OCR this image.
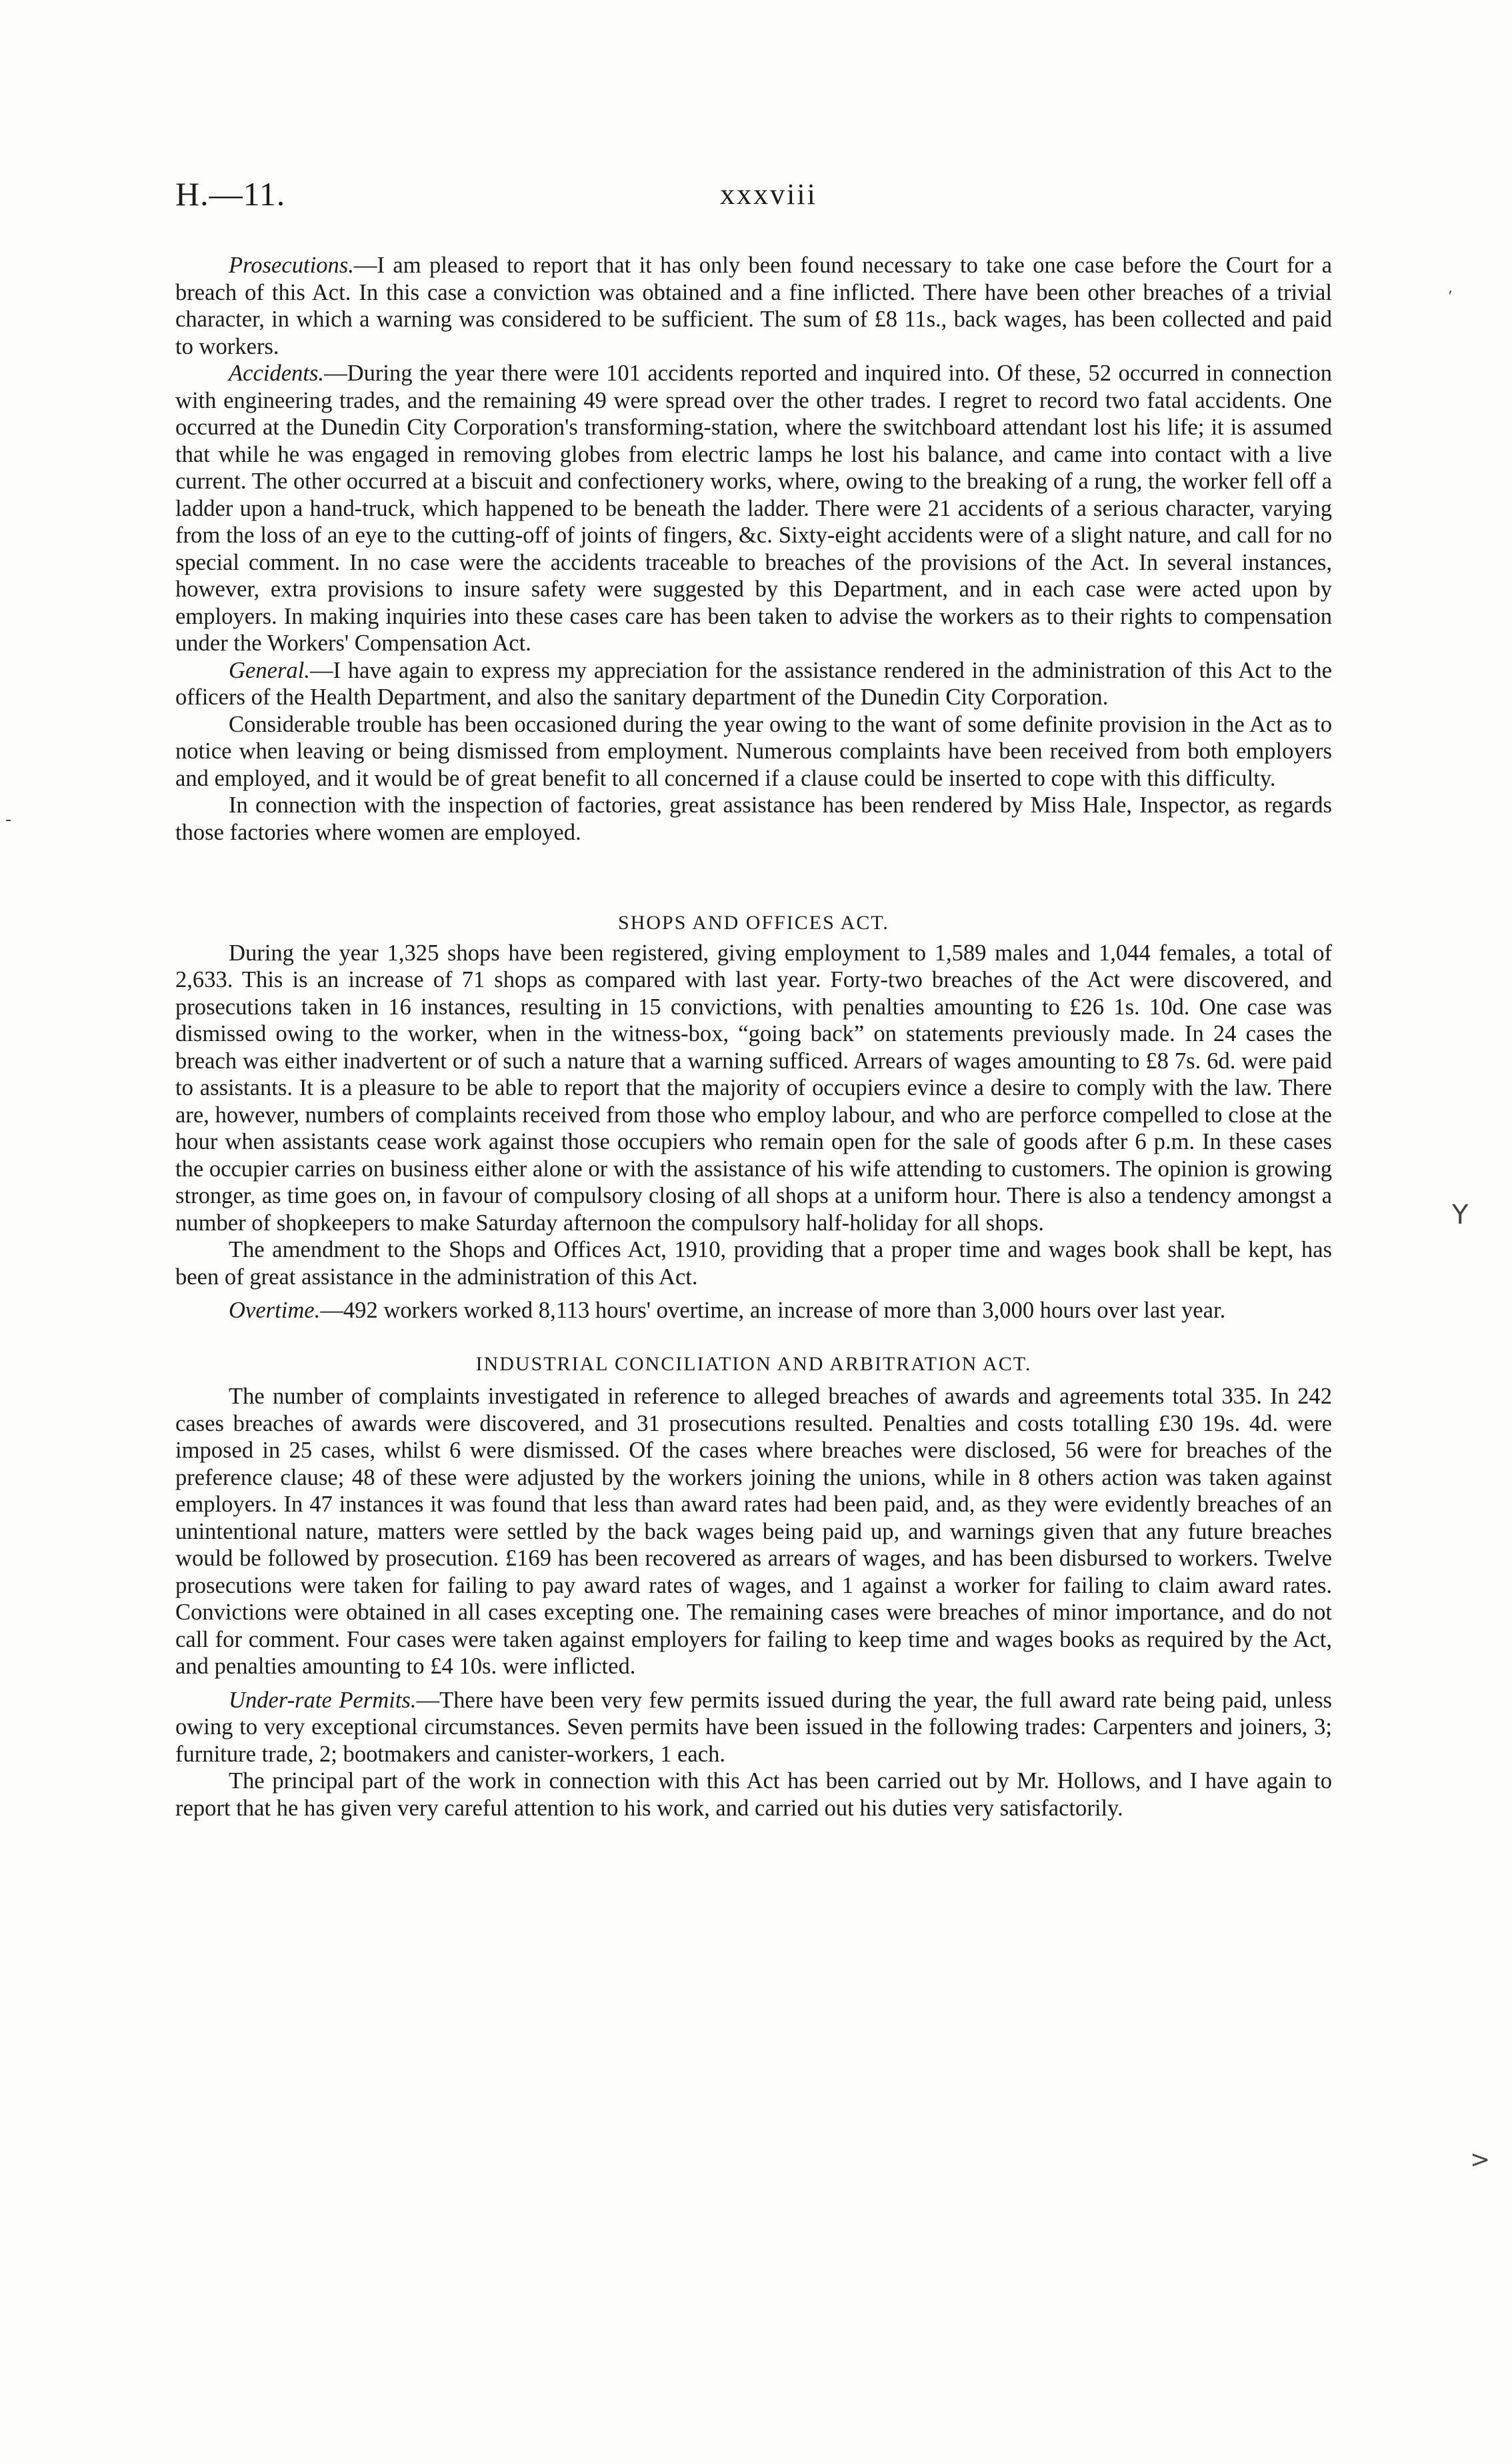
H.—11.	xxxviii

Prosecutions.—I am pleased to report that it has only been found necessary to take one case before the Court for a breach of this Act. In this case a conviction was obtained and a fine inflicted. There have been other breaches of a trivial character, in which a warning was considered to be sufficient. The sum of £8 11s., back wages, has been collected and paid to workers.

Accidents.—During the year there were 101 accidents reported and inquired into. Of these, 52 occurred in connection with engineering trades, and the remaining 49 were spread over the other trades. I regret to record two fatal accidents. One occurred at the Dunedin City Corporation's transforming-station, where the switchboard attendant lost his life; it is assumed that while he was engaged in removing globes from electric lamps he lost his balance, and came into contact with a live current. The other occurred at a biscuit and confectionery works, where, owing to the breaking of a rung, the worker fell off a ladder upon a hand-truck, which happened to be beneath the ladder. There were 21 accidents of a serious character, varying from the loss of an eye to the cutting-off of joints of fingers, &c. Sixty-eight accidents were of a slight nature, and call for no special comment. In no case were the accidents traceable to breaches of the provisions of the Act. In several instances, however, extra provisions to insure safety were suggested by this Department, and in each case were acted upon by employers. In making inquiries into these cases care has been taken to advise the workers as to their rights to compensation under the Workers' Compensation Act.

General.—I have again to express my appreciation for the assistance rendered in the administration of this Act to the officers of the Health Department, and also the sanitary department of the Dunedin City Corporation.

Considerable trouble has been occasioned during the year owing to the want of some definite provision in the Act as to notice when leaving or being dismissed from employment. Numerous complaints have been received from both employers and employed, and it would be of great benefit to all concerned if a clause could be inserted to cope with this difficulty.

In connection with the inspection of factories, great assistance has been rendered by Miss Hale, Inspector, as regards those factories where women are employed.

SHOPS AND OFFICES ACT.

During the year 1,325 shops have been registered, giving employment to 1,589 males and 1,044 females, a total of 2,633. This is an increase of 71 shops as compared with last year. Forty-two breaches of the Act were discovered, and prosecutions taken in 16 instances, resulting in 15 convictions, with penalties amounting to £26 1s. 10d. One case was dismissed owing to the worker, when in the witness-box, “going back” on statements previously made. In 24 cases the breach was either inadvertent or of such a nature that a warning sufficed. Arrears of wages amounting to £8 7s. 6d. were paid to assistants. It is a pleasure to be able to report that the majority of occupiers evince a desire to comply with the law. There are, however, numbers of complaints received from those who employ labour, and who are perforce compelled to close at the hour when assistants cease work against those occupiers who remain open for the sale of goods after 6 p.m. In these cases the occupier carries on business either alone or with the assistance of his wife attending to customers. The opinion is growing stronger, as time goes on, in favour of compulsory closing of all shops at a uniform hour. There is also a tendency amongst a number of shopkeepers to make Saturday afternoon the compulsory half-holiday for all shops.

The amendment to the Shops and Offices Act, 1910, providing that a proper time and wages book shall be kept, has been of great assistance in the administration of this Act.

Overtime.—492 workers worked 8,113 hours' overtime, an increase of more than 3,000 hours over last year.

INDUSTRIAL CONCILIATION AND ARBITRATION ACT.

The number of complaints investigated in reference to alleged breaches of awards and agreements total 335. In 242 cases breaches of awards were discovered, and 31 prosecutions resulted. Penalties and costs totalling £30 19s. 4d. were imposed in 25 cases, whilst 6 were dismissed. Of the cases where breaches were disclosed, 56 were for breaches of the preference clause; 48 of these were adjusted by the workers joining the unions, while in 8 others action was taken against employers. In 47 instances it was found that less than award rates had been paid, and, as they were evidently breaches of an unintentional nature, matters were settled by the back wages being paid up, and warnings given that any future breaches would be followed by prosecution. £169 has been recovered as arrears of wages, and has been disbursed to workers. Twelve prosecutions were taken for failing to pay award rates of wages, and 1 against a worker for failing to claim award rates. Convictions were obtained in all cases excepting one. The remaining cases were breaches of minor importance, and do not call for comment. Four cases were taken against employers for failing to keep time and wages books as required by the Act, and penalties amounting to £4 10s. were inflicted.

Under-rate Permits.—There have been very few permits issued during the year, the full award rate being paid, unless owing to very exceptional circumstances. Seven permits have been issued in the following trades: Carpenters and joiners, 3; furniture trade, 2; bootmakers and canister-workers, 1 each.

The principal part of the work in connection with this Act has been carried out by Mr. Hollows, and I have again to report that he has given very careful attention to his work, and carried out his duties very satisfactorily.

,
-
Y
>
